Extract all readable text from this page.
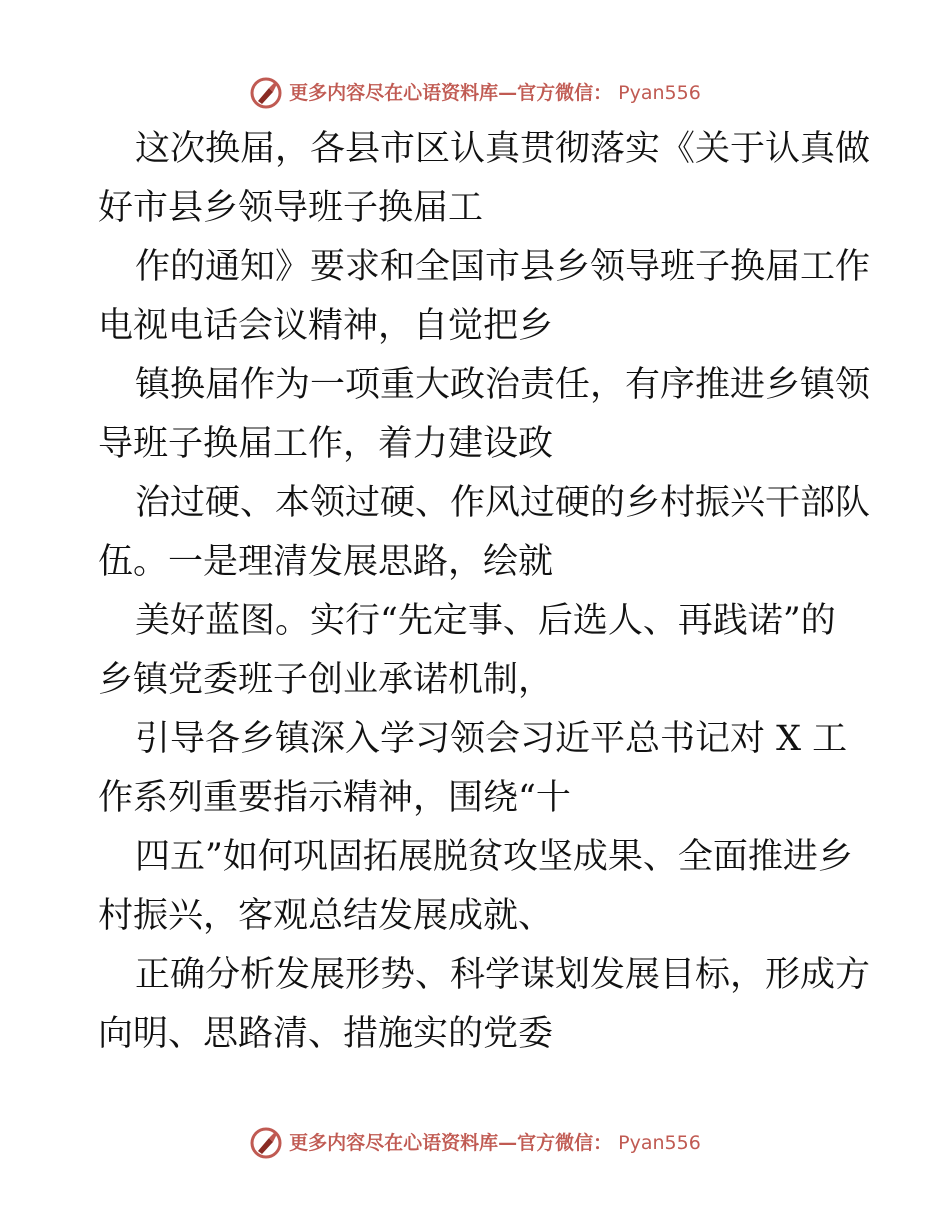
更多内容尽在心语资料库—官方微信： Pyan556

这次换届，各县市区认真贯彻落实《关于认真做
好市县乡领导班子换届工

作的通知》要求和全国市县乡领导班子换届工作
电视电话会议精神，自觉把乡

镇换届作为一项重大政治责任，有序推进乡镇领
导班子换届工作，着力建设政

治过硬、本领过硬、作风过硬的乡村振兴干部队
伍。一是理清发展思路，绘就

美好蓝图。实行“先定事、后选人、再践诺”的
乡镇党委班子创业承诺机制，

引导各乡镇深入学习领会习近平总书记对 X 工
作系列重要指示精神，围绕“十

四五”如何巩固拓展脱贫攻坚成果、全面推进乡
村振兴，客观总结发展成就、

正确分析发展形势、科学谋划发展目标，形成方
向明、思路清、措施实的党委

更多内容尽在心语资料库—官方微信： Pyan556
